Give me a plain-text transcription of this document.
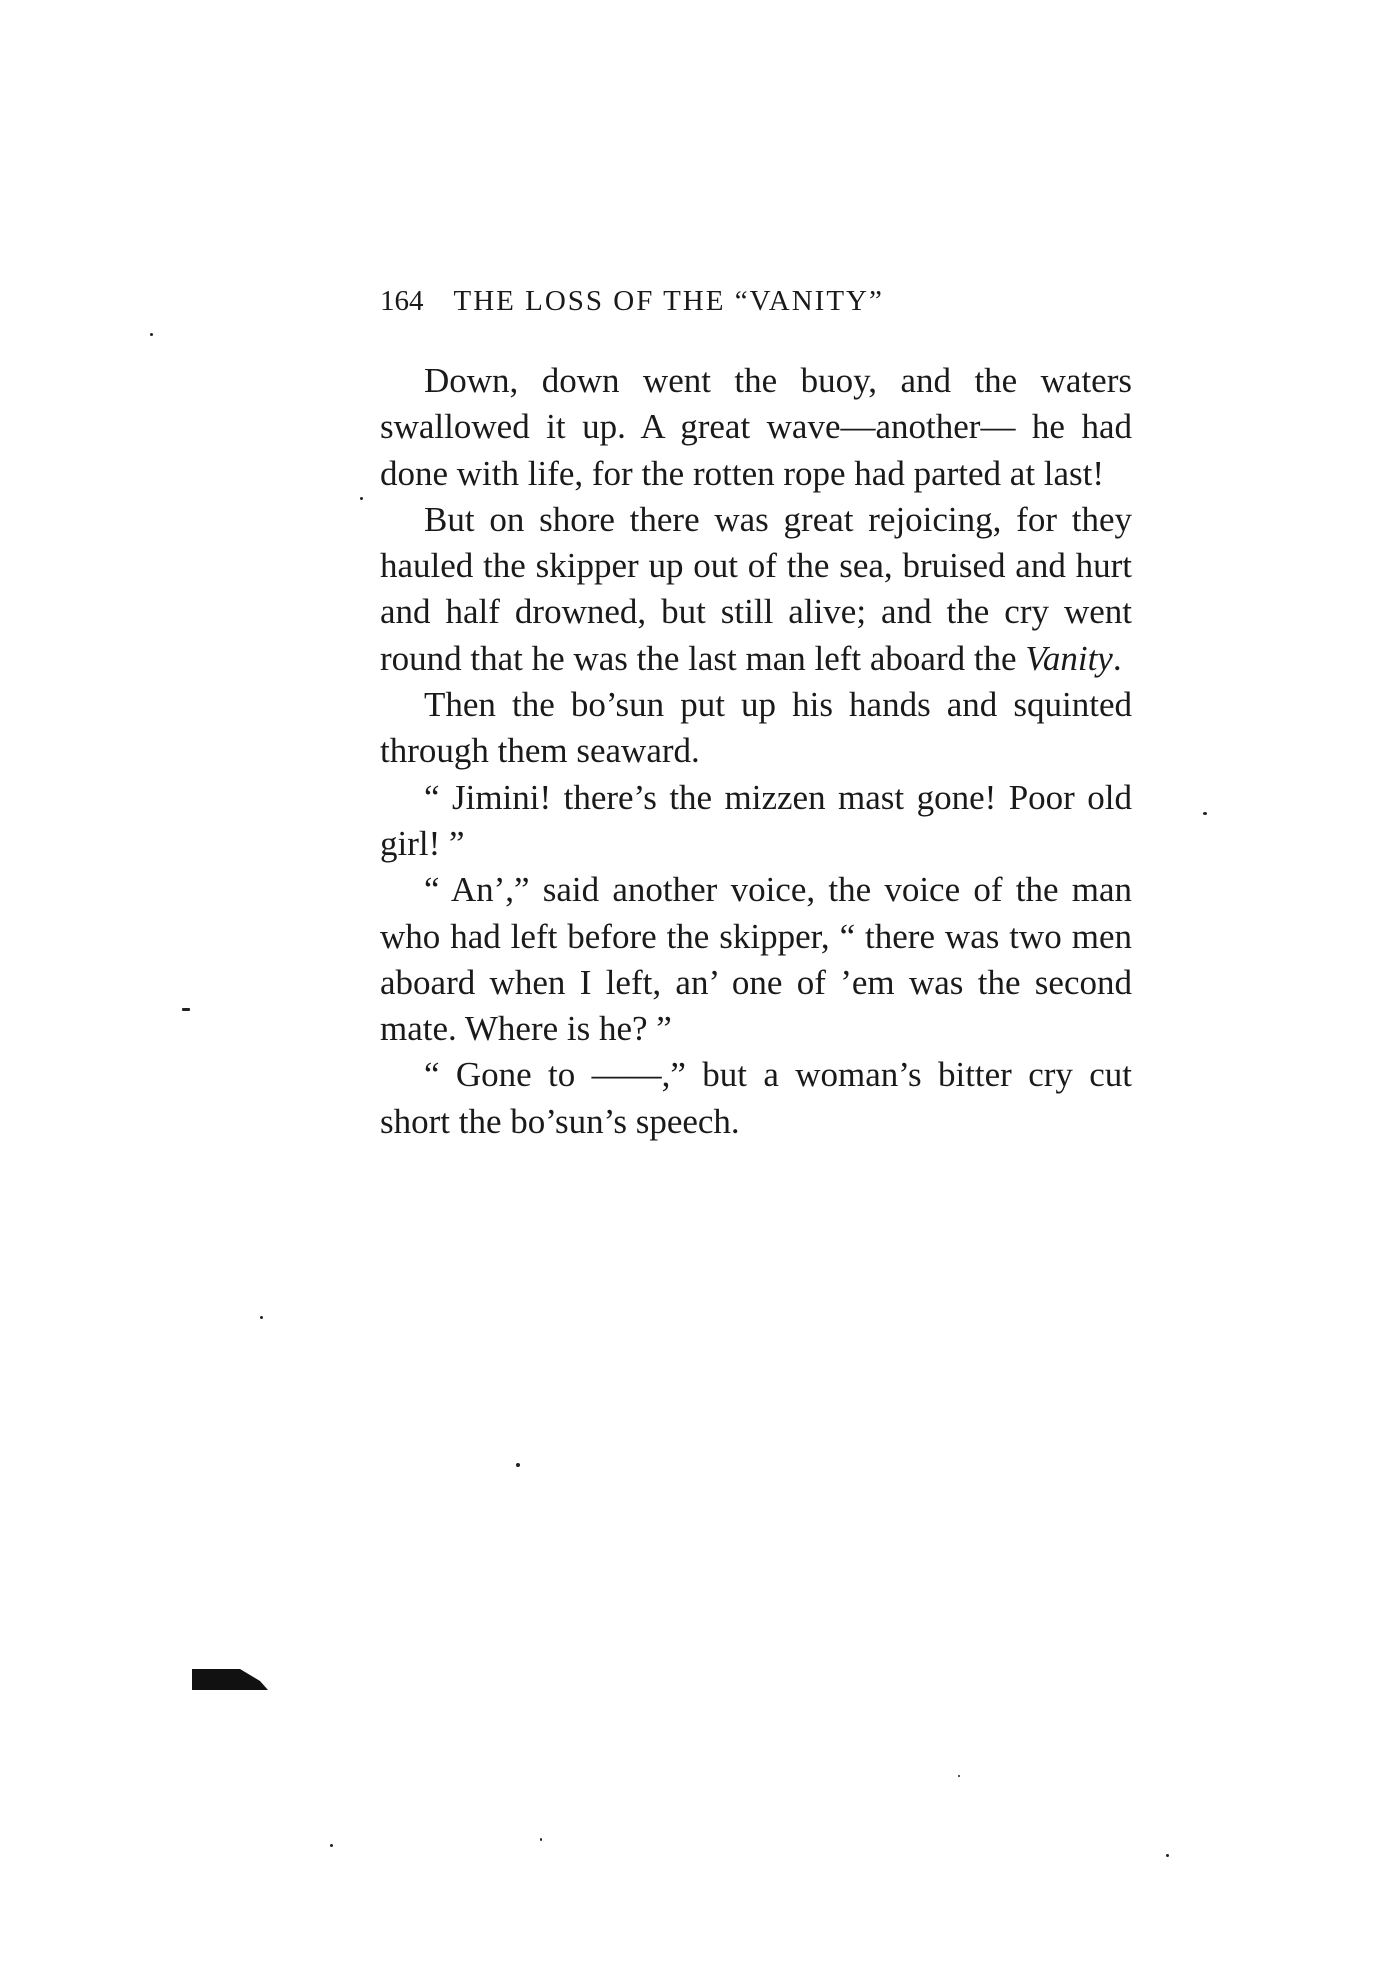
164 THE LOSS OF THE “VANITY”

Down, down went the buoy, and the waters swallowed it up. A great wave—another— he had done with life, for the rotten rope had parted at last!

But on shore there was great rejoicing, for they hauled the skipper up out of the sea, bruised and hurt and half drowned, but still alive; and the cry went round that he was the last man left aboard the Vanity.

Then the bo’sun put up his hands and squinted through them seaward.

“ Jimini! there’s the mizzen mast gone! Poor old girl! ”

“ An’,” said another voice, the voice of the man who had left before the skipper, “ there was two men aboard when I left, an’ one of ’em was the second mate. Where is he? ”

“ Gone to ——,” but a woman’s bitter cry cut short the bo’sun’s speech.
